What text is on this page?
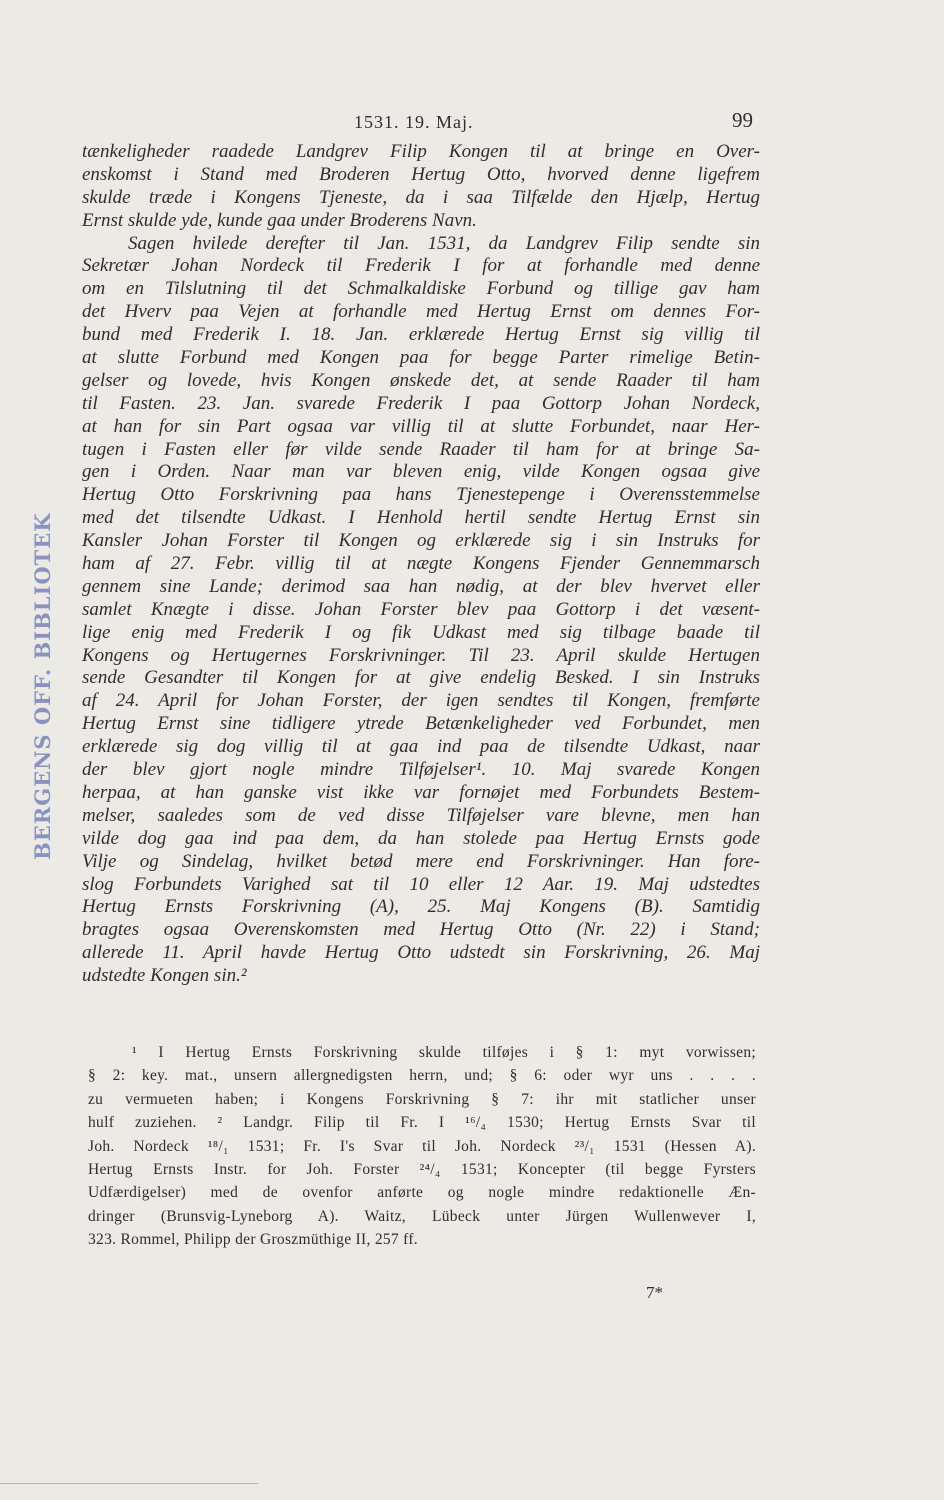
1531. 19. Maj.	99
BERGENS OFF. BIBLIOTEK
tænkeligheder raadede Landgrev Filip Kongen til at bringe en Over-
enskomst i Stand med Broderen Hertug Otto, hvorved denne ligefrem
skulde træde i Kongens Tjeneste, da i saa Tilfælde den Hjælp, Hertug
Ernst skulde yde, kunde gaa under Broderens Navn.
Sagen hvilede derefter til Jan. 1531, da Landgrev Filip sendte sin
Sekretær Johan Nordeck til Frederik I for at forhandle med denne
om en Tilslutning til det Schmalkaldiske Forbund og tillige gav ham
det Hverv paa Vejen at forhandle med Hertug Ernst om dennes For-
bund med Frederik I. 18. Jan. erklærede Hertug Ernst sig villig til
at slutte Forbund med Kongen paa for begge Parter rimelige Betin-
gelser og lovede, hvis Kongen ønskede det, at sende Raader til ham
til Fasten. 23. Jan. svarede Frederik I paa Gottorp Johan Nordeck,
at han for sin Part ogsaa var villig til at slutte Forbundet, naar Her-
tugen i Fasten eller før vilde sende Raader til ham for at bringe Sa-
gen i Orden. Naar man var bleven enig, vilde Kongen ogsaa give
Hertug Otto Forskrivning paa hans Tjenestepenge i Overensstemmelse
med det tilsendte Udkast. I Henhold hertil sendte Hertug Ernst sin
Kansler Johan Forster til Kongen og erklærede sig i sin Instruks for
ham af 27. Febr. villig til at nægte Kongens Fjender Gennemmarsch
gennem sine Lande; derimod saa han nødig, at der blev hvervet eller
samlet Knægte i disse. Johan Forster blev paa Gottorp i det væsent-
lige enig med Frederik I og fik Udkast med sig tilbage baade til
Kongens og Hertugernes Forskrivninger. Til 23. April skulde Hertugen
sende Gesandter til Kongen for at give endelig Besked. I sin Instruks
af 24. April for Johan Forster, der igen sendtes til Kongen, fremførte
Hertug Ernst sine tidligere ytrede Betænkeligheder ved Forbundet, men
erklærede sig dog villig til at gaa ind paa de tilsendte Udkast, naar
der blev gjort nogle mindre Tilføjelser¹. 10. Maj svarede Kongen
herpaa, at han ganske vist ikke var fornøjet med Forbundets Bestem-
melser, saaledes som de ved disse Tilføjelser vare blevne, men han
vilde dog gaa ind paa dem, da han stolede paa Hertug Ernsts gode
Vilje og Sindelag, hvilket betød mere end Forskrivninger. Han fore-
slog Forbundets Varighed sat til 10 eller 12 Aar. 19. Maj udstedtes
Hertug Ernsts Forskrivning (A), 25. Maj Kongens (B). Samtidig
bragtes ogsaa Overenskomsten med Hertug Otto (Nr. 22) i Stand;
allerede 11. April havde Hertug Otto udstedt sin Forskrivning, 26. Maj
udstedte Kongen sin.²
¹ I Hertug Ernsts Forskrivning skulde tilføjes i § 1: myt vorwissen;
§ 2: key. mat., unsern allergnedigsten herrn, und; § 6: oder wyr uns . . . .
zu vermueten haben; i Kongens Forskrivning § 7: ihr mit statlicher unser
hulf zuziehen. ² Landgr. Filip til Fr. I ¹⁶/₄ 1530; Hertug Ernsts Svar til
Joh. Nordeck ¹⁸/₁ 1531; Fr. I's Svar til Joh. Nordeck ²³/₁ 1531 (Hessen A).
Hertug Ernsts Instr. for Joh. Forster ²⁴/₄ 1531; Koncepter (til begge Fyrsters
Udfærdigelser) med de ovenfor anførte og nogle mindre redaktionelle Æn-
dringer (Brunsvig-Lyneborg A). Waitz, Lübeck unter Jürgen Wullenwever I,
323. Rommel, Philipp der Groszmüthige II, 257 ff.
7*
